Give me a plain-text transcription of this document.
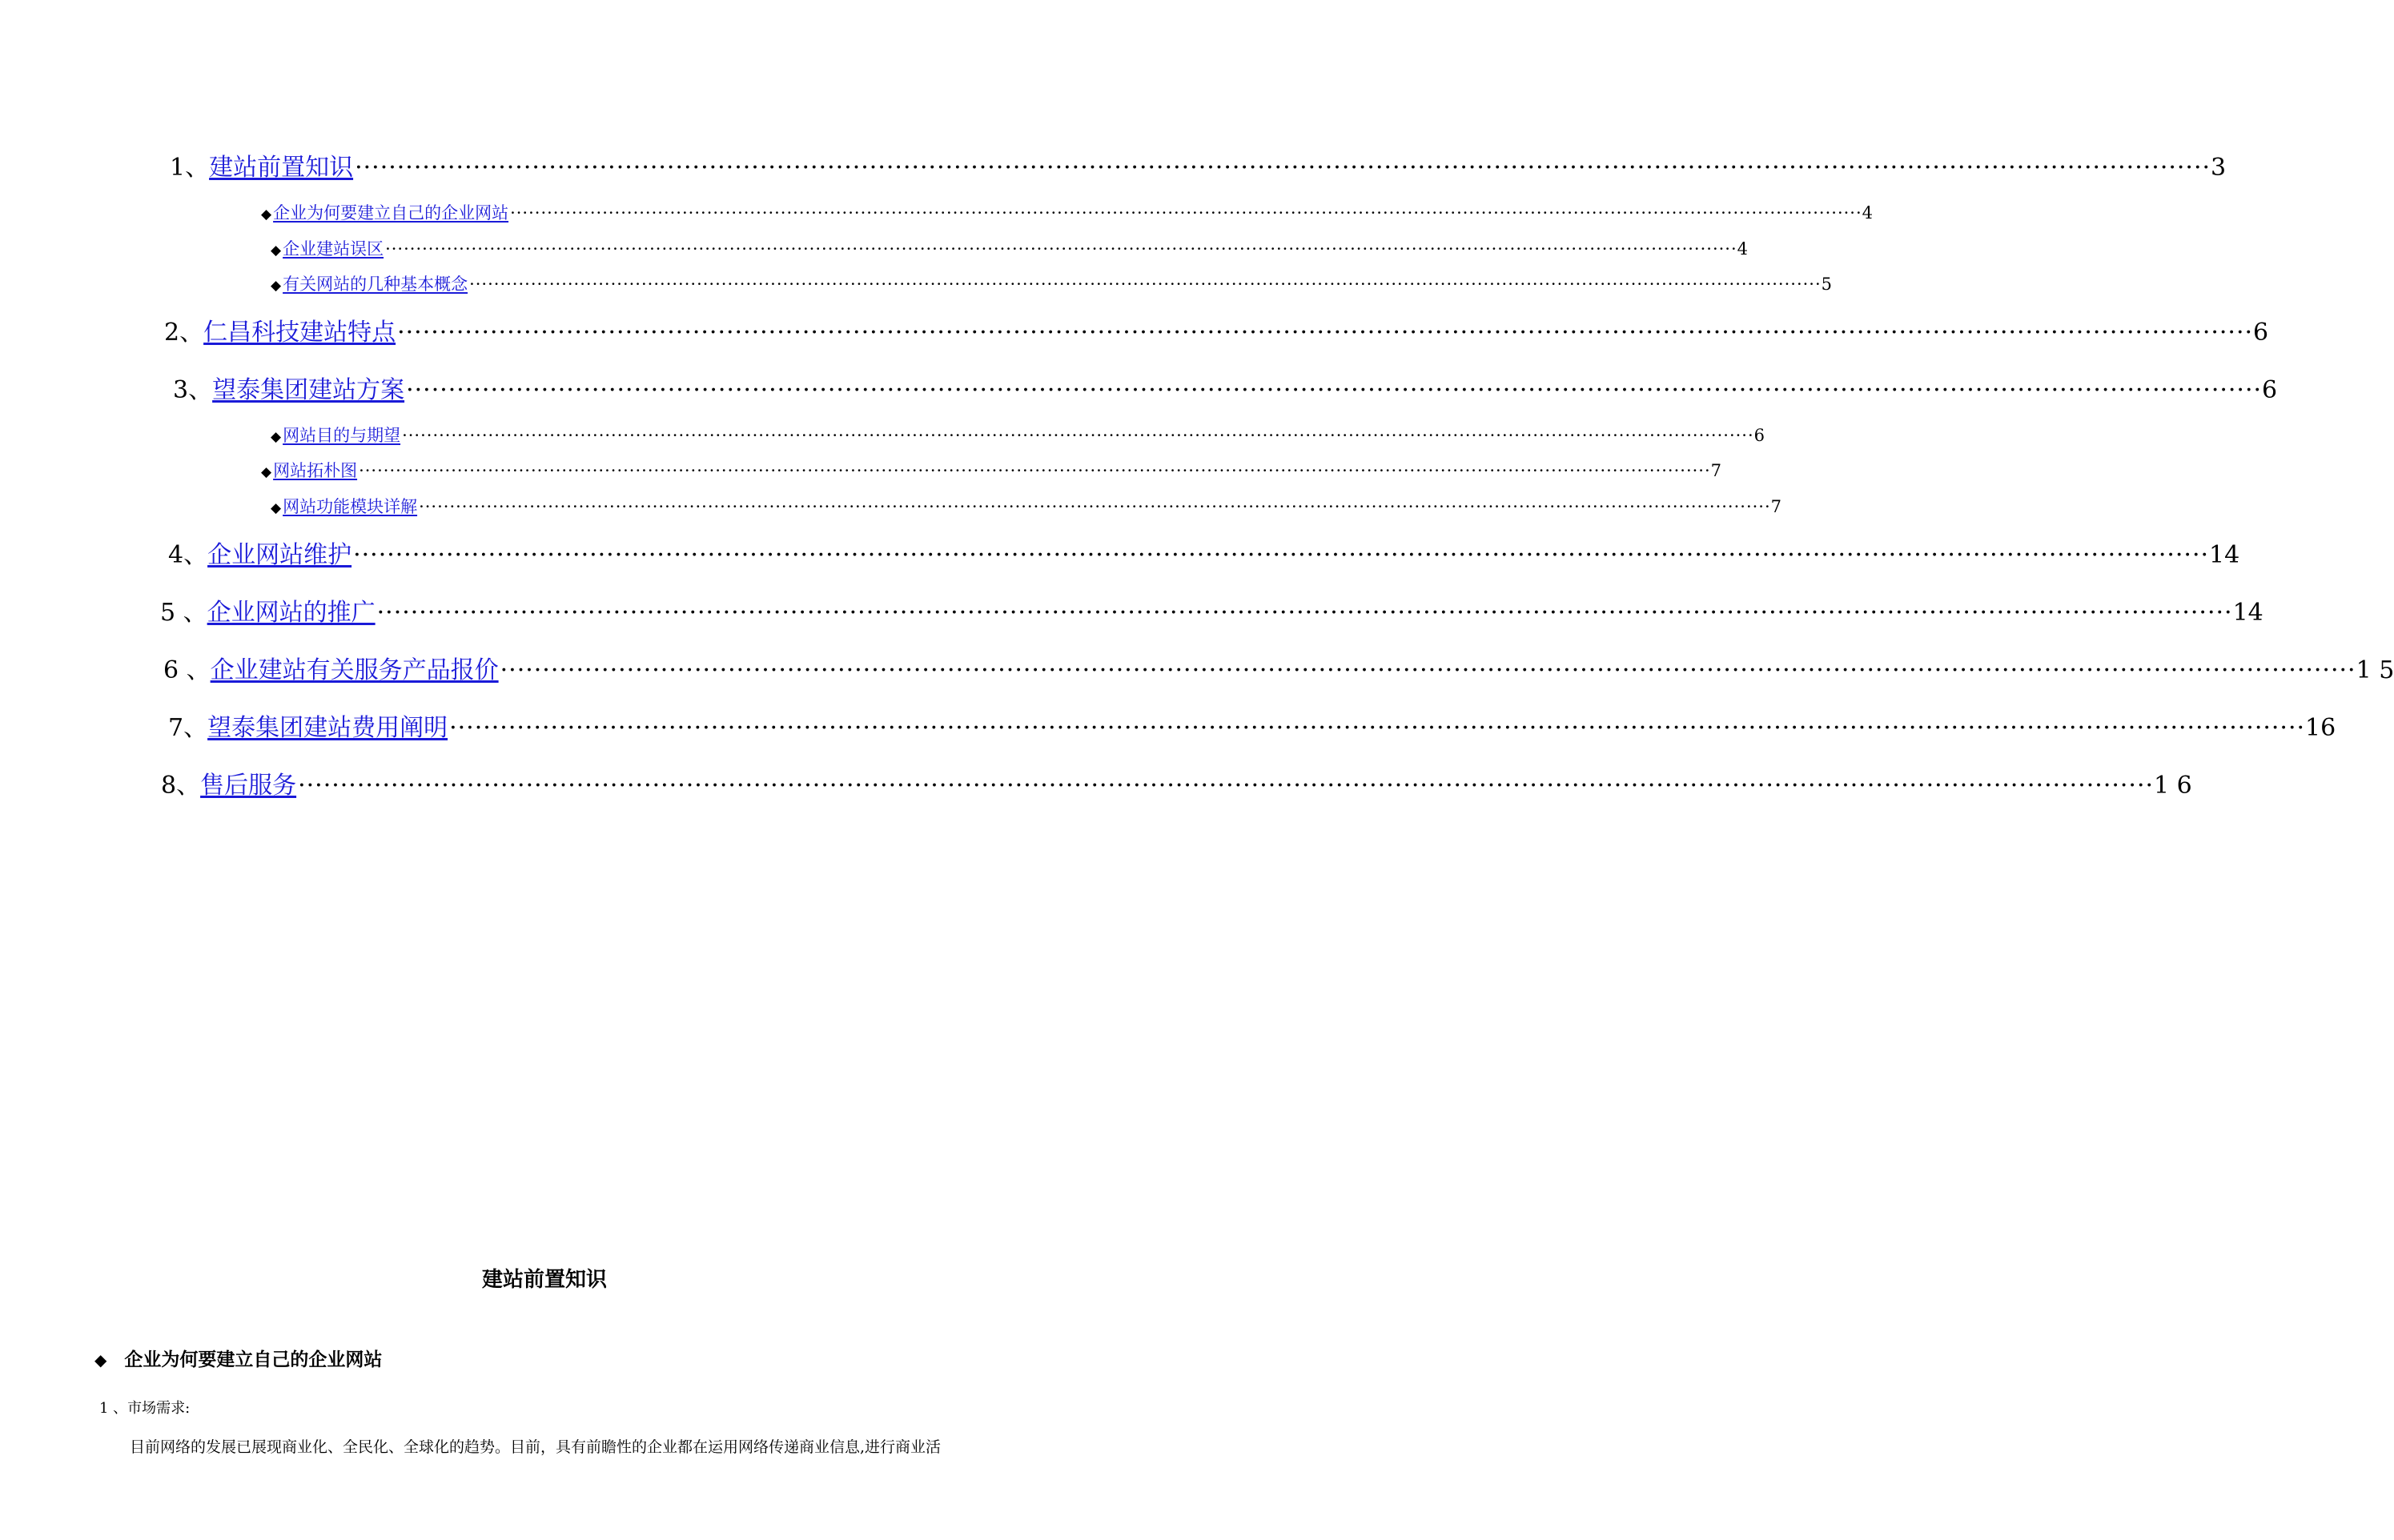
1、 建站前置知识 ···························································································································································································································· 3
◆ 企业为何要建立自己的企业网站 ···························································································································································································································· 4
◆ 企业建站误区 ···························································································································································································································· 4
◆ 有关网站的几种基本概念 ···························································································································································································································· 5
2、 仁昌科技建站特点 ···························································································································································································································· 6
3、 望泰集团建站方案 ···························································································································································································································· 6
◆ 网站目的与期望 ···························································································································································································································· 6
◆ 网站拓朴图 ···························································································································································································································· 7
◆ 网站功能模块详解 ···························································································································································································································· 7
4、 企业网站维护 ···························································································································································································································· 14
5 、 企业网站的推广 ···························································································································································································································· 14
6 、 企业建站有关服务产品报价 ···························································································································································································································· 1 5
7、 望泰集团建站费用阐明 ···························································································································································································································· 16
8、 售后服务 ···························································································································································································································· 1 6
建站前置知识
◆ 企业为何要建立自己的企业网站
1 、市场需求:
目前网络的发展已展现商业化、全民化、全球化的趋势。目前，具有前瞻性的企业都在运用网络传递商业信息,进行商业活
